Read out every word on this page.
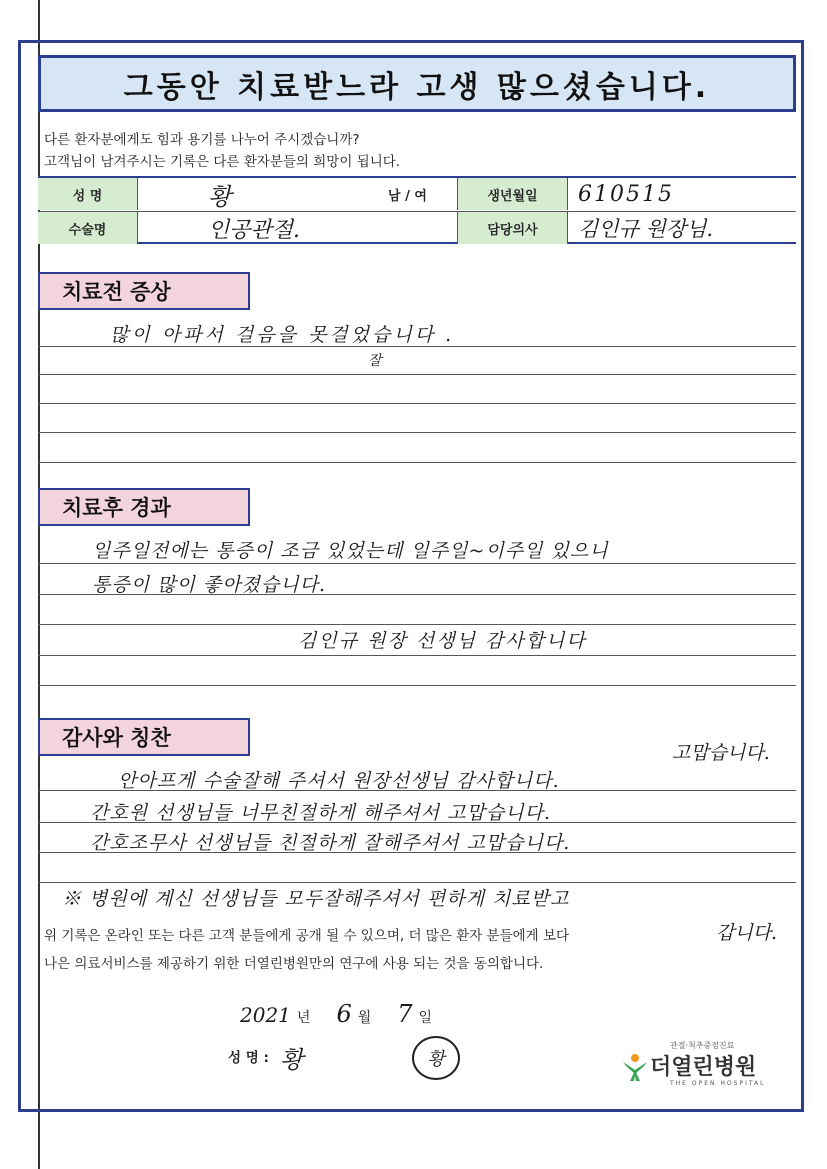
그동안 치료받느라 고생 많으셨습니다.
다른 환자분에게도 힘과 용기를 나누어 주시겠습니까?
고객님이 남겨주시는 기록은 다른 환자분들의 희망이 됩니다.
성 명	황	남 / 여	생년월일	610515
수술명	인공관절.	담당의사	김인규 원장님.
치료전 증상
많이 아파서 걸음을 못걸었습니다 .
잘
치료후 경과
일주일전에는 통증이 조금 있었는데 일주일~이주일 있으니
통증이 많이 좋아졌습니다.
김인규 원장 선생님 감사합니다
감사와 칭찬
고맙습니다.
안아프게 수술잘해 주셔서 원장선생님 감사합니다.
간호원 선생님들 너무친절하게 해주셔서 고맙습니다.
간호조무사 선생님들 친절하게 잘해주셔서 고맙습니다.
※ 병원에 계신 선생님들 모두잘해주셔서 편하게 치료받고
갑니다.
위 기록은 온라인 또는 다른 고객 분들에게 공개 될 수 있으며, 더 많은 환자 분들에게 보다
나은 의료서비스를 제공하기 위한 더열린병원만의 연구에 사용 되는 것을 동의합니다.
2021 년 6 월 7 일
성 명 : 황	황
관절·척추중점진료
더열린병원
THE OPEN HOSPITAL
